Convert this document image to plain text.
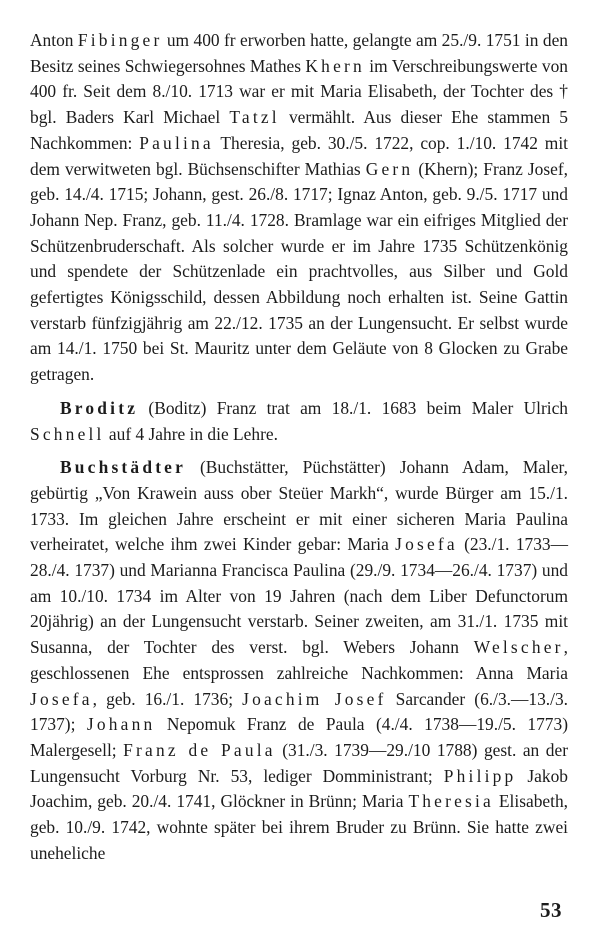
Anton Fibinger um 400 fr erworben hatte, gelangte am 25./9. 1751 in den Besitz seines Schwiegersohnes Mathes Khern im Verschreibungswerte von 400 fr. Seit dem 8./10. 1713 war er mit Maria Elisabeth, der Tochter des † bgl. Baders Karl Michael Tatzl vermählt. Aus dieser Ehe stammen 5 Nachkommen: Paulina Theresia, geb. 30./5. 1722, cop. 1./10. 1742 mit dem verwitweten bgl. Büchsenschifter Mathias Gern (Khern); Franz Josef, geb. 14./4. 1715; Johann, gest. 26./8. 1717; Ignaz Anton, geb. 9./5. 1717 und Johann Nep. Franz, geb. 11./4. 1728. Bramlage war ein eifriges Mitglied der Schützenbruderschaft. Als solcher wurde er im Jahre 1735 Schützenkönig und spendete der Schützenlade ein prachtvolles, aus Silber und Gold gefertigtes Königsschild, dessen Abbildung noch erhalten ist. Seine Gattin verstarb fünfzigjährig am 22./12. 1735 an der Lungensucht. Er selbst wurde am 14./1. 1750 bei St. Mauritz unter dem Geläute von 8 Glocken zu Grabe getragen.

Broditz (Boditz) Franz trat am 18./1. 1683 beim Maler Ulrich Schnell auf 4 Jahre in die Lehre.

Buchstädter (Buchstätter, Püchstätter) Johann Adam, Maler, gebürtig „Von Krawein auss ober Steüer Markh“, wurde Bürger am 15./1. 1733. Im gleichen Jahre erscheint er mit einer sicheren Maria Paulina verheiratet, welche ihm zwei Kinder gebar: Maria Josefa (23./1. 1733—28./4. 1737) und Marianna Francisca Paulina (29./9. 1734—26./4. 1737) und am 10./10. 1734 im Alter von 19 Jahren (nach dem Liber Defunctorum 20jährig) an der Lungensucht verstarb. Seiner zweiten, am 31./1. 1735 mit Susanna, der Tochter des verst. bgl. Webers Johann Welscher, geschlossenen Ehe entsprossen zahlreiche Nachkommen: Anna Maria Josefa, geb. 16./1. 1736; Joachim Josef Sarcander (6./3.—13./3. 1737); Johann Nepomuk Franz de Paula (4./4. 1738—19./5. 1773) Malergesell; Franz de Paula (31./3. 1739—29./10 1788) gest. an der Lungensucht Vorburg Nr. 53, lediger Domministrant; Philipp Jakob Joachim, geb. 20./4. 1741, Glöckner in Brünn; Maria Theresia Elisabeth, geb. 10./9. 1742, wohnte später bei ihrem Bruder zu Brünn. Sie hatte zwei uneheliche

53
